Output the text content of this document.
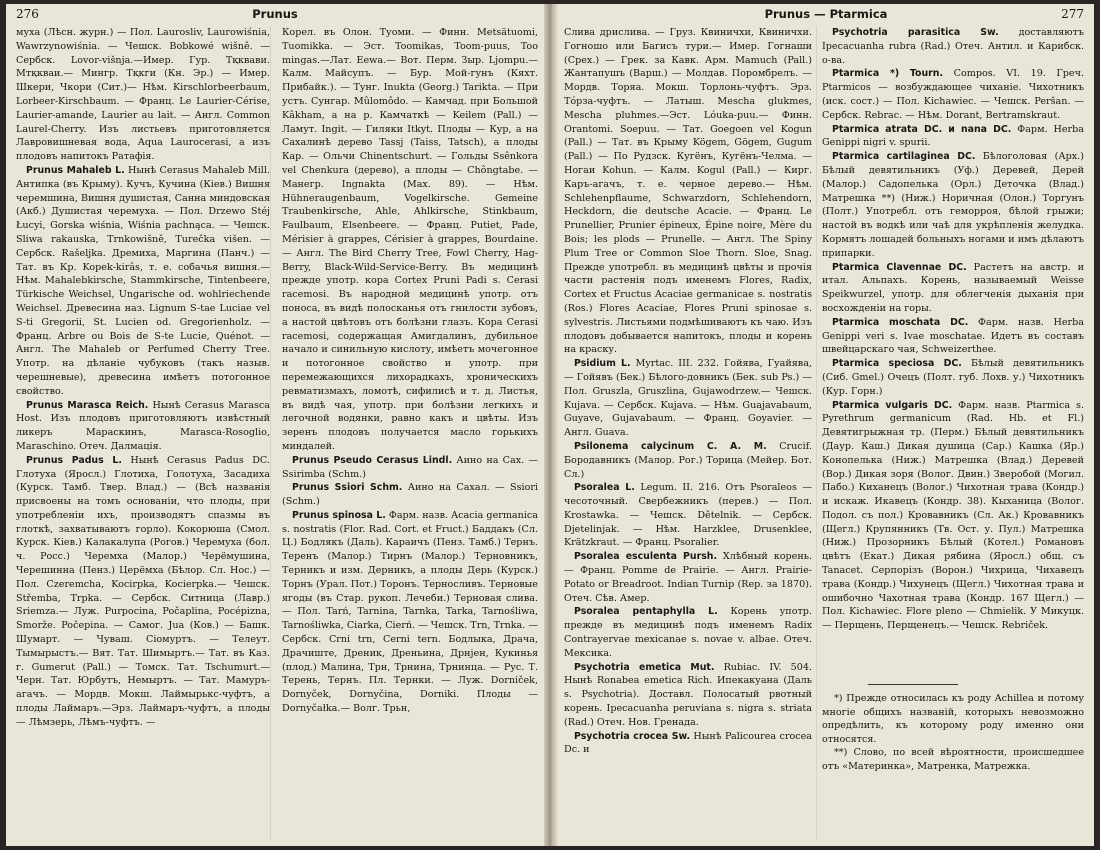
276	Prunus

муха (Лѣсн. журн.) — Пол. Laurosliv, Laurowiśnia, Wawrzynowiśnia. — Чешск. Bobkowé wišně. — Сербск. Lovor-višnja.—Имер. Гур. Тқквави. Мтқкваи.— Мингр. Тқкги (Кн. Эр.) — Имер. Шкери, Чкори (Сит.)— Нѣм. Kirschlorbeerbaum, Lorbeer-Kirschbaum. — Франц. Le Laurier-Cérise, Laurier-amande, Laurier au lait. — Англ. Common Laurel-Cherry. Изъ листьевъ приготовляется Лавровишневая вода, Aqua Laurocerasi, а изъ плодовъ напитокъ Ратафія.

Prunus Mahaleb L. Нынѣ Cerasus Mahaleb Mill. Антипка (въ Крыму). Кучъ, Кучина (Кіев.) Вишня черемшина, Вишня душистая, Санна миндовская (Акб.) Душистая черемуха. — Пол. Drzewo Stéj Łucyi, Gorska wiśnia, Wiśnia pachnąca. — Чешск. Sliwa rakauska, Trnkowišně, Turečka višen. — Сербск. Rašeljka. Дремиха, Маргина (Панч.) — Тат. въ Кр. Kopek-kirâs, т. е. собачья вишня.— Нѣм. Mahalebkirsche, Stammkirsche, Tintenbeere, Türkische Weichsel, Ungarische od. wohlriechende Weichsel. Древесина наз. Lignum S-tae Luciae vel S-ti Gregorii, St. Lucien od. Gregorienholz. — Франц. Arbre ou Bois de S-te Lucie, Quénot. — Англ. The Mahaleb or Perfumed Cherry Tree. Употр. на дѣланіе чубуковъ (такъ назыв. черешневые), древесина имѣетъ потогонное свойство.

Prunus Marasca Reich. Нынѣ Cerasus Marasca Host. Изъ плодовъ приготовляютъ извѣстный ликеръ Мараскинъ, Marasca-Rosoglio, Maraschino. Отеч. Далмація.

Prunus Padus L. Нынѣ Cerasus Padus DC. Глотуха (Яросл.) Глотиха, Голотуха, Засадиха (Курск. Тамб. Твер. Влад.) — (Всѣ названія присвоены на томъ основаніи, что плоды, при употребленіи ихъ, производятъ спазмы въ глоткѣ, захватываютъ горло). Кокорюша (Смол. Курск. Кіев.) Калакалупа (Рогов.) Черемуха (бол. ч. Росс.) Черемха (Малор.) Черёмушина, Черешинна (Пенз.) Церёмха (Бѣлор. Сл. Нос.) — Пол. Czeremcha, Kocirpka, Kocierpka.— Чешск. Střemba, Trpka. — Сербск. Ситница (Лавр.) Sriemza.— Луж. Purpocina, Počaplina, Pocépizna, Smorže. Počepina. — Самог. Jua (Ков.) — Башк. Шумарт. — Чуваш. Сіомуртъ. — Телеут. Тымырыстъ.— Вят. Тат. Шимыртъ.— Тат. въ Каз. г. Gumerut (Pall.) — Томск. Тат. Tschumurt.— Черн. Тат. Юрбутъ, Немыртъ. — Тат. Мамуръ-агачъ. — Мордв. Мокш. Лаймырькс-чуфтъ, а плоды Лаймаръ.—Эрз. Лаймаръ-чуфтъ, а плоды — Лѣмзерь, Лѣмъ-чуфтъ. —

Корел. въ Олон. Туоми. — Финн. Metsätuomi, Tuomikka. — Эст. Toomikas, Toom-puus, Too mingas.—Лат. Eewa.— Вот. Перм. Зыр. Ljompu.— Калм. Майсупъ. — Бур. Мой-гунъ (Кяхт. Прибайк.). — Тунг. Inukta (Georg.) Tarikta. — При устъ. Сунгар. Mûlomôdo. — Камчад. при Большой Kâkham, а на р. Камчаткѣ — Keilem (Pall.) — Ламут. Ingit. — Гиляки Itkyt. Плоды — Кур, а на Сахалинѣ дерево Tassj (Taiss, Tatsch), а плоды Кар. — Ольчи Chinentschurt. — Гольды Ssênkora vel Chenkura (дерево), а плоды — Chôngtabe. — Манегр. Ingnakta (Max. 89). — Нѣм. Hühneraugenbaum, Vogelkirsche. Gemeine Traubenkirsche, Ahle, Ahlkirsche, Stinkbaum, Faulbaum, Elsenbeere. — Франц. Putiet, Pade, Mérisier à grappes, Cérisier à grappes, Bourdaine. — Англ. The Bird Cherry Tree, Fowl Cherry, Hag-Berry, Black-Wild-Service-Berry. Въ медицинѣ прежде употр. кора Cortex Pruni Padi s. Cerasi racemosi. Въ народной медицинѣ употр. отъ поноса, въ видѣ полосканья отъ гнилости зубовъ, а настой цвѣтовъ отъ болѣзни глазъ. Кора Cerasi racemosi, содержащая Амигдалинъ, дубильное начало и синильную кислоту, имѣетъ мочегонное и потогонное свойство и употр. при перемежающихся лихорадкахъ, хроническихъ ревматизмахъ, ломотѣ, сифилисѣ и т. д. Листья, въ видѣ чая, употр. при болѣзни легкихъ и легочной водянки, равно какъ и цвѣты. Изъ зеренъ плодовъ получается масло горькихъ миндалей.

Prunus Pseudo Cerasus Lindl. Аино на Сах. — Ssirimba (Schm.)

Prunus Ssiori Schm. Аино на Сахал. — Ssiori (Schm.)

Prunus spinosa L. Фарм. назв. Acacia germanica s. nostratis (Flor. Rad. Cort. et Fruct.) Баддакъ (Сл. Ц.) Бодлякъ (Даль). Караичъ (Пенз. Тамб.) Тернъ. Теренъ (Малор.) Тирнъ (Малор.) Терновникъ, Терникъ и изм. Дерникъ, а плоды Дерь (Курск.) Торнъ (Урал. Пот.) Торонъ. Терносливъ. Терновые ягоды (въ Стар. рукоп. Лечеби.) Терновая слива.— Пол. Tarń, Tarnina, Tarnka, Tarka, Tarnośliwa, Tarnośliwka, Ciarka, Cierń. — Чешск. Trn, Trnka. — Сербск. Crni trn, Cerni tern. Бодлыка, Драча, Драчиште, Дреник, Дреньина, Дрнjен, Кукинья (плод.) Малина, Трн, Трнина, Трнинца. — Рус. Т. Терень, Тернъ. Пл. Тернки. — Луж. Dorniček, Dornyček, Dornyčina, Dorniki. Плоды — Dornyčałka.— Волг. Трьн,

Prunus — Ptarmica	277

Слива дрислива. — Груз. Квиничхи, Квиничхи. Гогношо или Багисъ тури.— Имер. Гогнаши (Срех.) — Грек. за Кавк. Арм. Mamuch (Pall.) Жантапушъ (Варш.) — Молдав. Поромбрелъ. — Мордв. Торяа. Мокш. Торлонь-чуфтъ. Эрз. Тόрза-чуфтъ. — Латыш. Mescha glukmes, Mescha pluhmes.—Эст. Lóuka-puu.— Финн. Orantomi. Soepuu. — Тат. Goegoen vel Kogun (Pall.) — Тат. въ Крыму Kögem, Gögem, Gugum (Pall.) — По Рудзск. Кугёнъ, Кугёнъ-Челма. — Ногаи Kohun. — Калм. Kogul (Pall.) — Кирг. Каръ-агачъ, т. е. черное дерево.— Нѣм. Schlehenpflaume, Schwarzdorn, Schlehendorn, Heckdorn, die deutsche Acacie. — Франц. Le Prunellier, Prunier épineux, Épine noire, Mère du Bois; les plods — Prunelle. — Англ. The Spiny Plum Tree or Common Sloe Thorn. Sloe, Snag. Прежде употребл. въ медицинѣ цвѣты и прочія части растенія подъ именемъ Flores, Radix, Cortex et Fructus Acaciae germanicae s. nostratis (Ros.) Flores Acaciae, Flores Pruni spinosae s. sylvestris. Листьями подмѣшиваютъ къ чаю. Изъ плодовъ добывается напитокъ, плоды и корень на краску.

Psidium L. Myrtac. III. 232. Гойява, Гуайява, — Гойявъ (Бек.) Бѣлого-довникъ (Бек. sub Ps.) — Пол. Gruszla, Gruszlina, Gujawodrzew.— Чешск. Kujava. — Сербск. Kujava. — Нѣм. Guajavabaum, Guyave, Gujavabaum. — Франц. Goyavier. — Англ. Guava.

Psilonema calycinum C. A. M. Crucif. Бородавникъ (Малор. Рог.) Торица (Мейер. Бот. Сл.)

Psoralea L. Legum. II. 216. Отъ Psoraleos — чесоточный. Свербежникъ (перев.) — Пол. Krostawka. — Чешск. Dětelnik. — Сербск. Djetelinjak. — Нѣм. Harzklee, Drusenklee, Krätzkraut. — Франц. Psoralier.

Psoralea esculenta Pursh. Хлѣбный корень. — Франц. Pomme de Prairie. — Англ. Prairie-Potato or Breadroot. Indian Turnip (Rep. за 1870). Отеч. Сѣв. Амер.

Psoralea pentaphylla L. Корень употр. прежде въ медицинѣ подъ именемъ Radix Contrayervae mexicanae s. novae v. albae. Отеч. Мексика.

Psychotria emetica Mut. Rubiac. IV. 504. Нынѣ Ronabea emetica Rich. Ипекакуана (Даль s. Psychotria). Доставл. Полосатый рвотный корень. Ipecacuanha peruviana s. nigra s. striata (Rad.) Отеч. Нов. Гренада.

Psychotria crocea Sw. Нынѣ Palicourea crocea Dc. и

Psychotria parasitica Sw. доставляютъ Ipecacuanha rubra (Rad.) Отеч. Антил. и Карибск. о-ва.

Ptarmica *) Tourn. Compos. VI. 19. Греч. Ptarmicos — возбуждающее чиханіе. Чихотникъ (иск. сост.) — Пол. Kichawiec. — Чешск. Peršan. — Сербск. Rebrac. — Нѣм. Dorant, Bertramskraut.

Ptarmica atrata DC. и nana DC. Фарм. Herba Genippi nigri v. spurii.

Ptarmica cartilaginea DC. Бѣлоголовая (Арх.) Бѣлый девятильникъ (Уф.) Деревей, Дерей (Малор.) Садопелька (Орл.) Деточка (Влад.) Матрешка **) (Ниж.) Норичная (Олон.) Торгунъ (Полт.) Употребл. отъ геморроя, бѣлой грыжи; настой въ водкѣ или чаѣ для укрѣпленія желудка. Кормятъ лошадей больныхъ ногами и имъ дѣлаютъ припарки.

Ptarmica Clavennae DC. Растетъ на австр. и итал. Альпахъ. Корень, называемый Weisse Speikwurzel, употр. для облегченія дыханія при восхожденіи на горы.

Ptarmica moschata DC. Фарм. назв. Herba Genippi veri s. Ivae moschatae. Идетъ въ составъ швейцарскаго чая, Schweizerthee.

Ptarmica speciosa DC. Бѣлый девятильникъ (Сиб. Gmel.) Очецъ (Полт. губ. Лохв. у.) Чихотникъ (Кур. Горн.)

Ptarmica vulgaris DC. Фарм. назв. Ptarmica s. Pyrethrum germanicum (Rad. Hb. et Fl.) Девятигрыжная тр. (Перм.) Бѣлый девятильникъ (Даур. Каш.) Дикая душица (Сар.) Кашка (Яр.) Конопелька (Ниж.) Матрешка (Влад.) Деревей (Вор.) Дикая зоря (Волог. Двин.) Зверобой (Могил. Пабо.) Киханецъ (Волог.) Чихотная трава (Кондр.) и искаж. Икавецъ (Кондр. 38). Кыханица (Волог. Подол. съ пол.) Кровавникъ (Сл. Ак.) Кровавникъ (Щегл.) Крупянникъ (Тв. Ост. у. Пул.) Матрешка (Ниж.) Прозорникъ Бѣлый (Котел.) Романовъ цвѣтъ (Екат.) Дикая рябина (Яросл.) общ. съ Tanacet. Серпорізъ (Ворон.) Чихрица, Чихавецъ трава (Кондр.) Чихунецъ (Щегл.) Чихотная трава и ошибочно Чахотная трава (Кондр. 167 Щегл.) — Пол. Kichawiec. Flore pleno — Chmielik. У Микуцк. — Перщень, Перщенецъ.— Чешск. Rebriček.

*) Прежде относилась къ роду Achillea и потому многіе общихъ названій, которыхъ невозможно опредѣлить, къ которому роду именно они относятся.

**) Слово, по всей вѣроятности, происшедшее отъ «Материнка», Матренка, Матрежка.
